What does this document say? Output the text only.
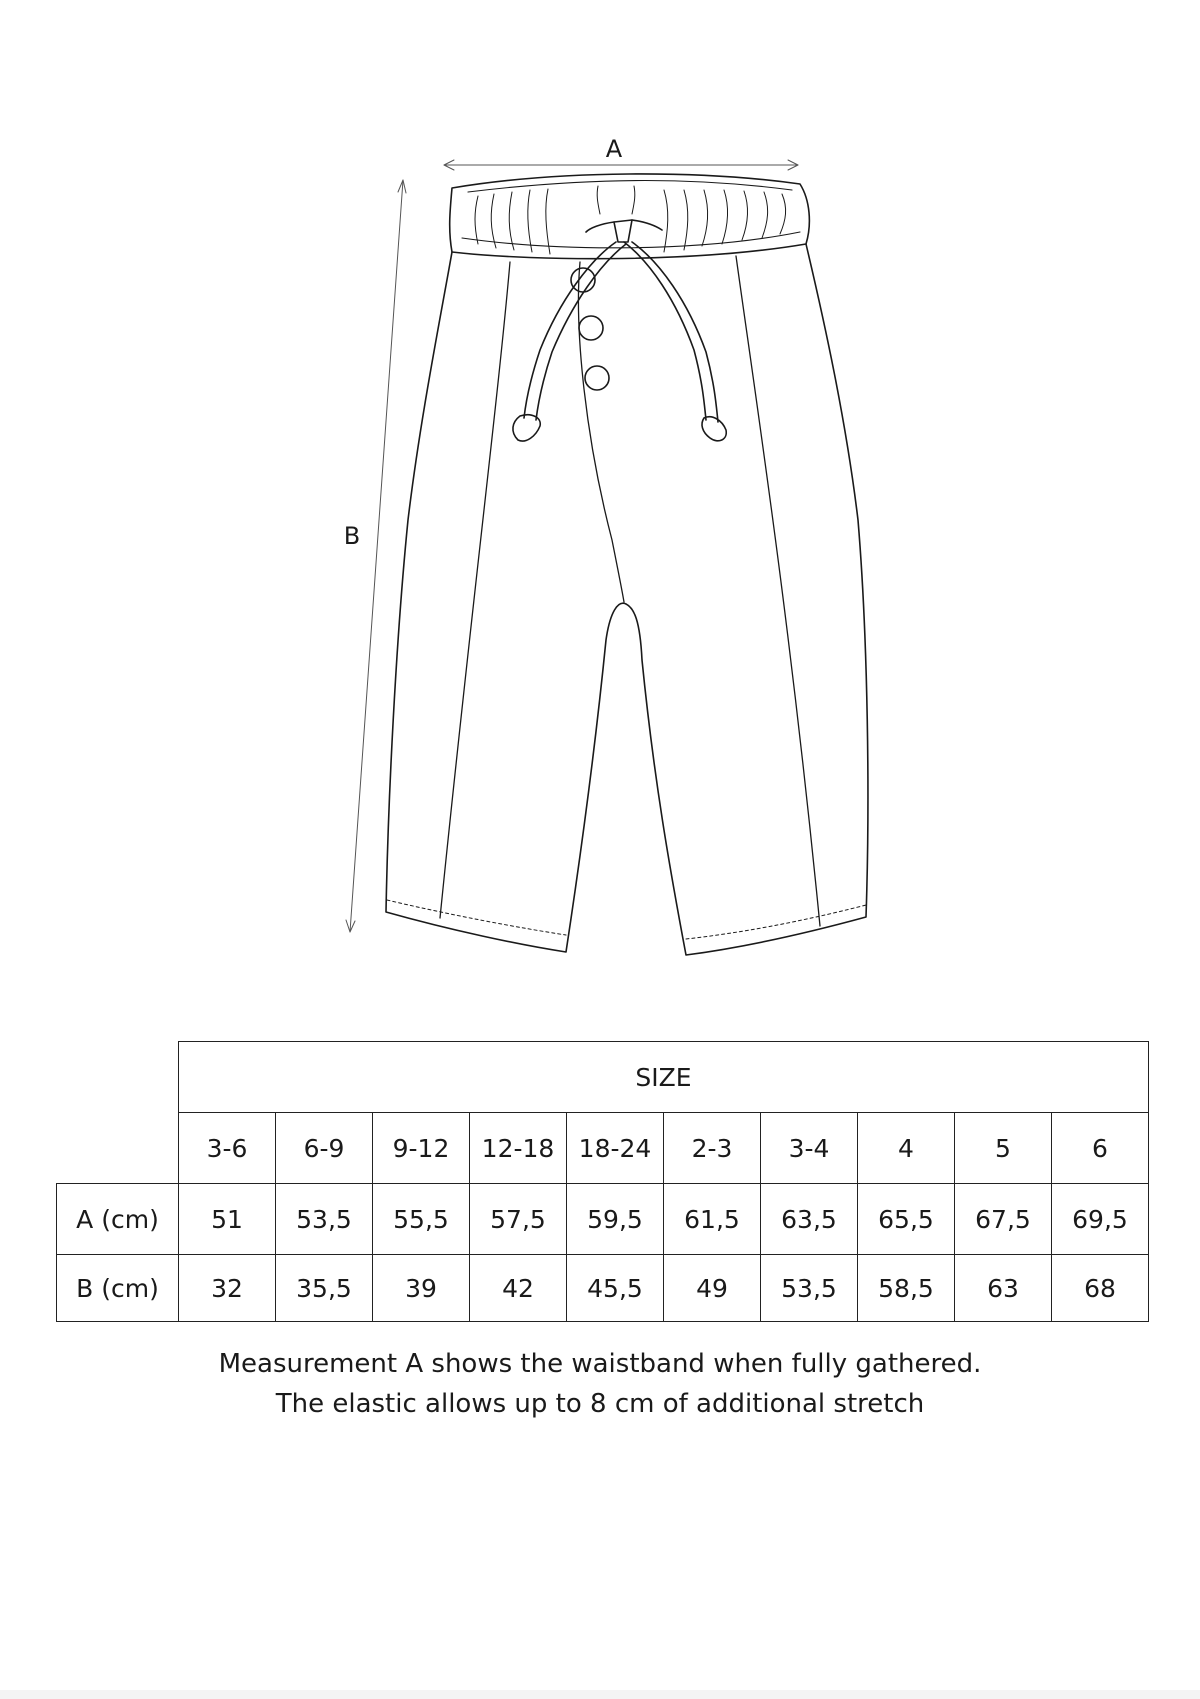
A
B
	SIZE									
	3-6	6-9	9-12	12-18	18-24	2-3	3-4	4	5	6
A (cm)	51	53,5	55,5	57,5	59,5	61,5	63,5	65,5	67,5	69,5
B (cm)	32	35,5	39	42	45,5	49	53,5	58,5	63	68
Measurement A shows the waistband when fully gathered.
The elastic allows up to 8 cm of additional stretch
